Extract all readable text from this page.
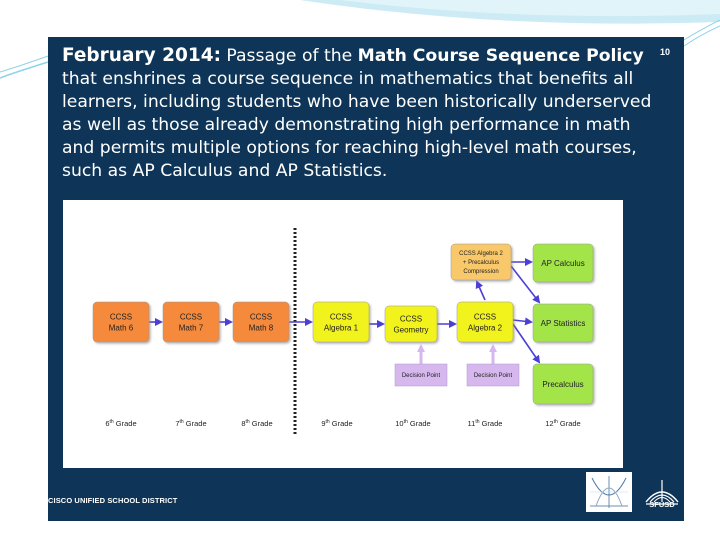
10
February 2014: Passage of the Math Course Sequence Policy
that enshrines a course sequence in mathematics that benefits all
learners, including students who have been historically underserved
as well as those already demonstrating high performance in math
and permits multiple options for reaching high-level math courses,
such as AP Calculus and AP Statistics.
CCSS
Math 6
CCSS
Math 7
CCSS
Math 8
CCSS
Algebra 1
CCSS
Geometry
CCSS
Algebra 2
CCSS Algebra 2
+ Precalculus
Compression
AP Calculus
AP Statistics
Precalculus
Decision Point	Decision Point
6th Grade	7th Grade	8th Grade	9th Grade	10th Grade	11th Grade	12th Grade
CISCO UNIFIED SCHOOL DISTRICT	SFUSD
